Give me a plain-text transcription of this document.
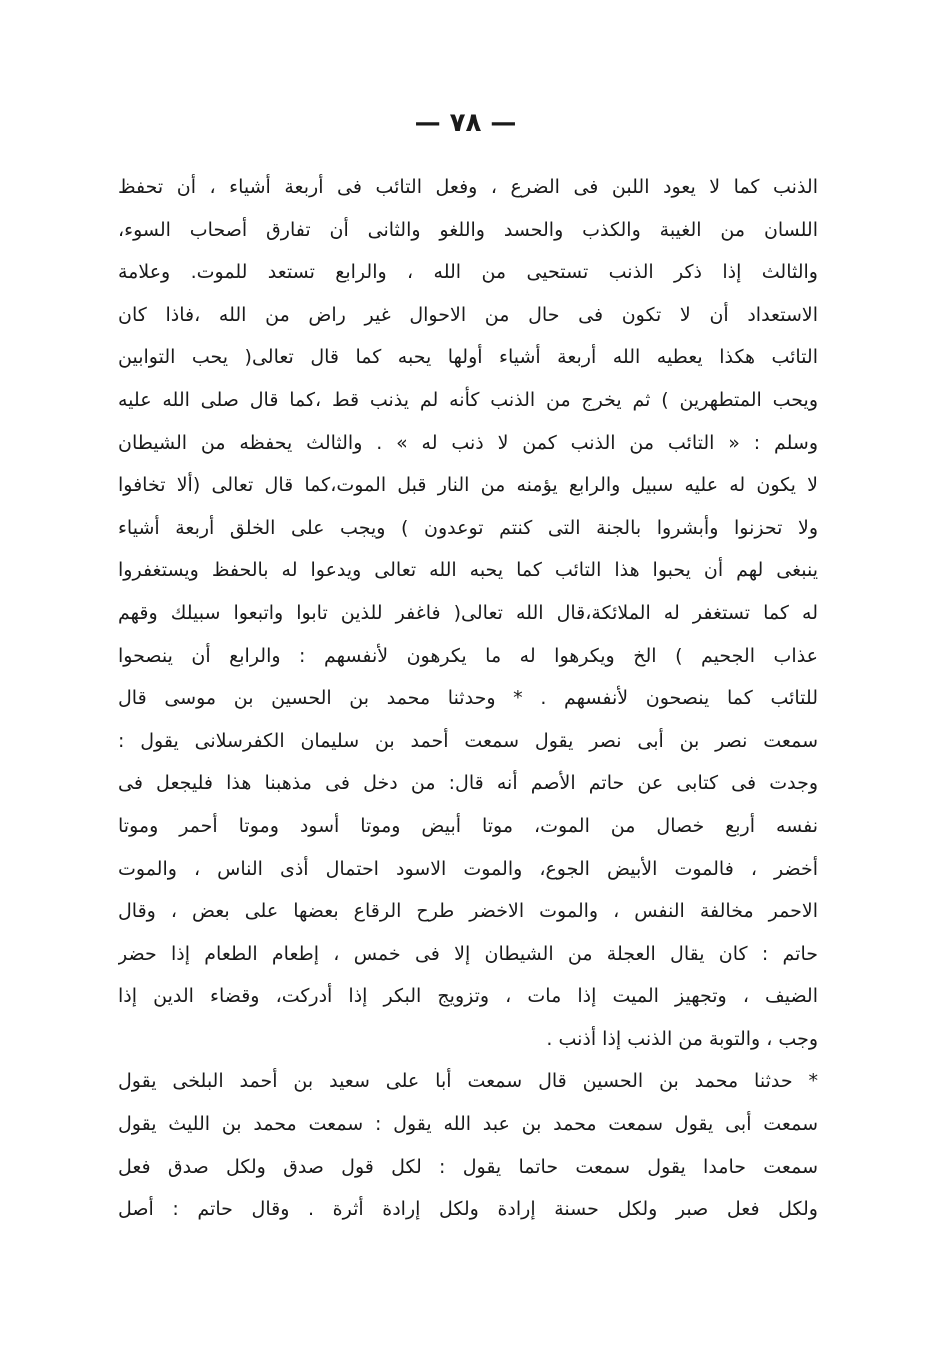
— ٧٨ —
الذنب كما لا يعود اللبن فى الضرع ، وفعل التائب فى أربعة أشياء ، أن تحفظ
اللسان من الغيبة والكذب والحسد واللغو والثانى أن تفارق أصحاب السوء،
والثالث إذا ذكر الذنب تستحيى من الله ، والرابع تستعد للموت. وعلامة
الاستعداد أن لا تكون فى حال من الاحوال غير راض من الله ،فاذا كان
التائب هكذا يعطيه الله أربعة أشياء أولها يحبه كما قال تعالى( يحب التوابين
ويحب المتطهرين ) ثم يخرج من الذنب كأنه لم يذنب قط ،كما قال صلى الله عليه
وسلم : « التائب من الذنب كمن لا ذنب له » . والثالث يحفظه من الشيطان
لا يكون له عليه سبيل والرابع يؤمنه من النار قبل الموت،كما قال تعالى (ألا تخافوا
ولا تحزنوا وأبشروا بالجنة التى كنتم توعدون ) ويجب على الخلق أربعة أشياء
ينبغى لهم أن يحبوا هذا التائب كما يحبه الله تعالى ويدعوا له بالحفظ ويستغفروا
له كما تستغفر له الملائكة،قال الله تعالى( فاغفر للذين تابوا واتبعوا سبيلك وقهم
عذاب الجحيم ) الخ ويكرهوا له ما يكرهون لأنفسهم : والرابع أن ينصحوا
للتائب كما ينصحون لأنفسهم . * وحدثنا محمد بن الحسين بن موسى قال
سمعت نصر بن أبى نصر يقول سمعت أحمد بن سليمان الكفرسلانى يقول :
وجدت فى كتابى عن حاتم الأصم أنه قال: من دخل فى مذهبنا هذا فليجعل فى
نفسه أربع خصال من الموت، موتا أبيض وموتا أسود وموتا أحمر وموتا
أخضر ، فالموت الأبيض الجوع، والموت الاسود احتمال أذى الناس ، والموت
الاحمر مخالفة النفس ، والموت الاخضر طرح الرقاع بعضها على بعض ، وقال
حاتم : كان يقال العجلة من الشيطان إلا فى خمس ، إطعام الطعام إذا حضر
الضيف ، وتجهيز الميت إذا مات ، وتزويج البكر إذا أدركت، وقضاء الدين إذا
وجب ، والتوبة من الذنب إذا أذنب .
* حدثنا محمد بن الحسين قال سمعت أبا على سعيد بن أحمد البلخى يقول
سمعت أبى يقول سمعت محمد بن عبد الله يقول : سمعت محمد بن الليث يقول
سمعت حامدا يقول سمعت حاتما يقول : لكل قول صدق ولكل صدق فعل
ولكل فعل صبر ولكل حسنة إرادة ولكل إرادة أثرة . وقال حاتم : أصل
